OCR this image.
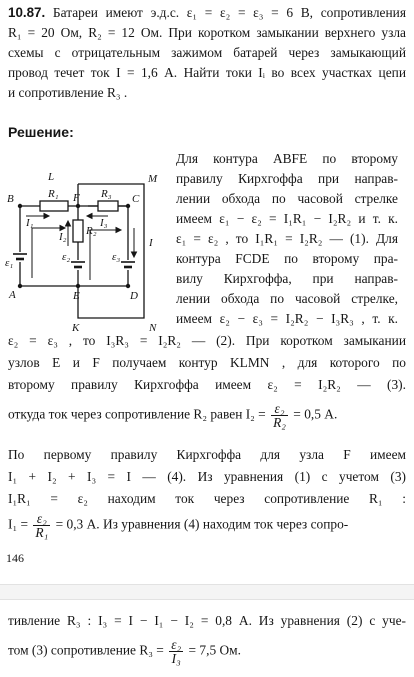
10.87. Батареи имеют э.д.с. ε₁ = ε₂ = ε₃ = 6 В, сопротивления
R₁ = 20 Ом, R₂ = 12 Ом. При коротком замыкании верхнего узла
схемы с отрицательным зажимом батарей через замыкающий
провод течет ток I = 1,6 А. Найти токи Iᵢ во всех участках цепи
и сопротивление R₃ .
Решение:
B
L
R₁ F R₃
M
C
I₁
I₂ R₂
I₃
I
ε₁	ε₂	ε₃
A	E	D
K	N
Для контура ABFE по второму
правилу Кирхгоффа при направ-
лении обхода по часовой стрелке
имеем ε₁ − ε₂ = I₁R₁ − I₂R₂ и т. к.
ε₁ = ε₂ , то I₁R₁ = I₂R₂ — (1). Для
контура FCDE по второму пра-
вилу Кирхгоффа, при направ-
лении обхода по часовой стрелке,
имеем ε₂ − ε₃ = I₂R₂ − I₃R₃ , т. к.
ε₂ = ε₃ , то I₃R₃ = I₂R₂ — (2). При коротком замыкании
узлов E и F получаем контур KLMN , для которого по
второму правилу Кирхгоффа имеем ε₂ = I₂R₂ — (3).
откуда ток через сопротивление R₂ равен $I_2 = \frac{\text{ε₂}}{\text{R₂}} = 0,5$ А.
По первому правилу Кирхгоффа для узла F имеем
I₁ + I₂ + I₃ = I — (4). Из уравнения (1) с учетом (3)
I₁R₁ = ε₂ находим ток через сопротивление R₁ :
$I_1 = \frac{\text{ε₂}}{\text{R₁}} = 0,3$ А. Из уравнения (4) находим ток через сопро-
146
тивление R₃ : I₃ = I − I₁ − I₂ = 0,8 А. Из уравнения (2) с уче-
том (3) сопротивление $R_3 = \frac{\text{ε₂}}{\text{I₃}} = 7,5$ Ом.
